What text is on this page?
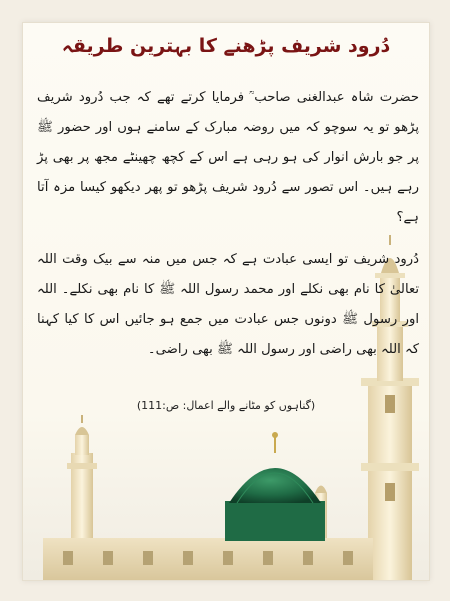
دُرود شریف پڑھنے کا بہترین طریقہ
حضرت شاہ عبدالغنی صاحب ؒ فرمایا کرتے تھے کہ جب دُرود شریف پڑھو تو یہ سوچو کہ میں روضہ مبارک کے سامنے ہوں اور حضور ﷺ پر جو بارش انوار کی ہو رہی ہے اس کے کچھ چھینٹے مجھ پر بھی پڑ رہے ہیں۔ اس تصور سے دُرود شریف پڑھو تو پھر دیکھو کیسا مزہ آتا ہے؟
دُرود شریف تو ایسی عبادت ہے کہ جس میں منہ سے بیک وقت اللہ تعالیٰ کا نام بھی نکلے اور محمد رسول اللہ ﷺ کا نام بھی نکلے۔ اللہ اور رسول ﷺ دونوں جس عبادت میں جمع ہو جائیں اس کا کیا کہنا کہ اللہ بھی راضی اور رسول اللہ ﷺ بھی راضی۔
(گناہوں کو مٹانے والے اعمال: ص:111)
